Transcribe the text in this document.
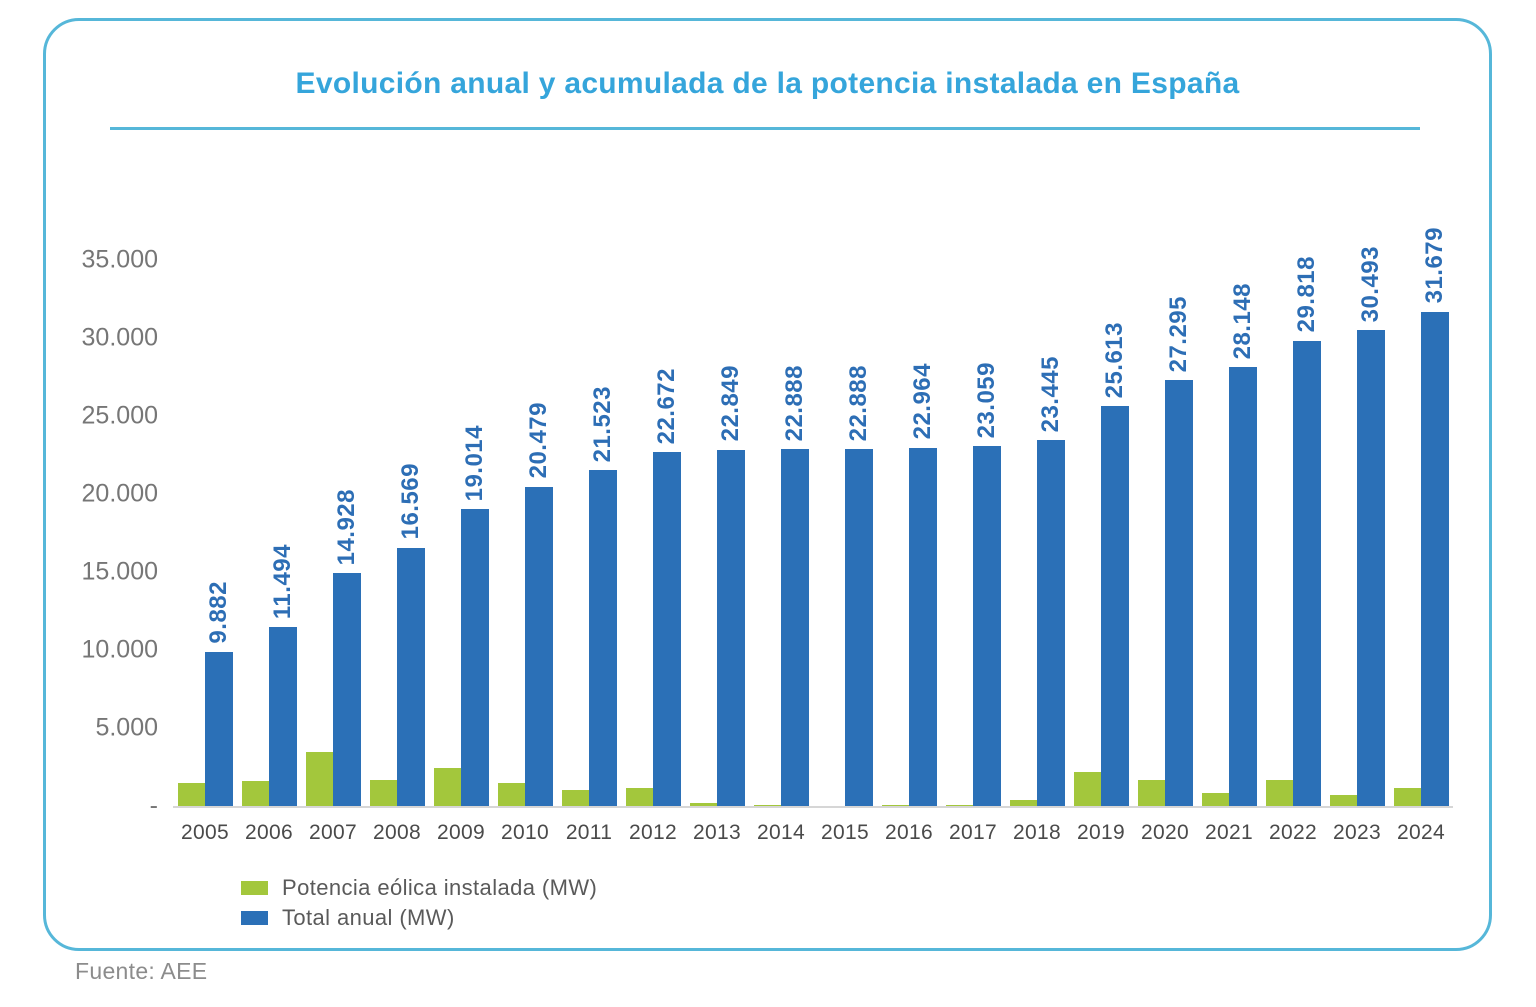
Evolución anual y acumulada de la potencia instalada en España
35.000
30.000
25.000
20.000
15.000
10.000
5.000
-
9.882
2005
11.494
2006
14.928
2007
16.569
2008
19.014
2009
20.479
2010
21.523
2011
22.672
2012
22.849
2013
22.888
2014
22.888
2015
22.964
2016
23.059
2017
23.445
2018
25.613
2019
27.295
2020
28.148
2021
29.818
2022
30.493
2023
31.679
2024
Potencia eólica instalada (MW)
Total anual (MW)
Fuente: AEE
